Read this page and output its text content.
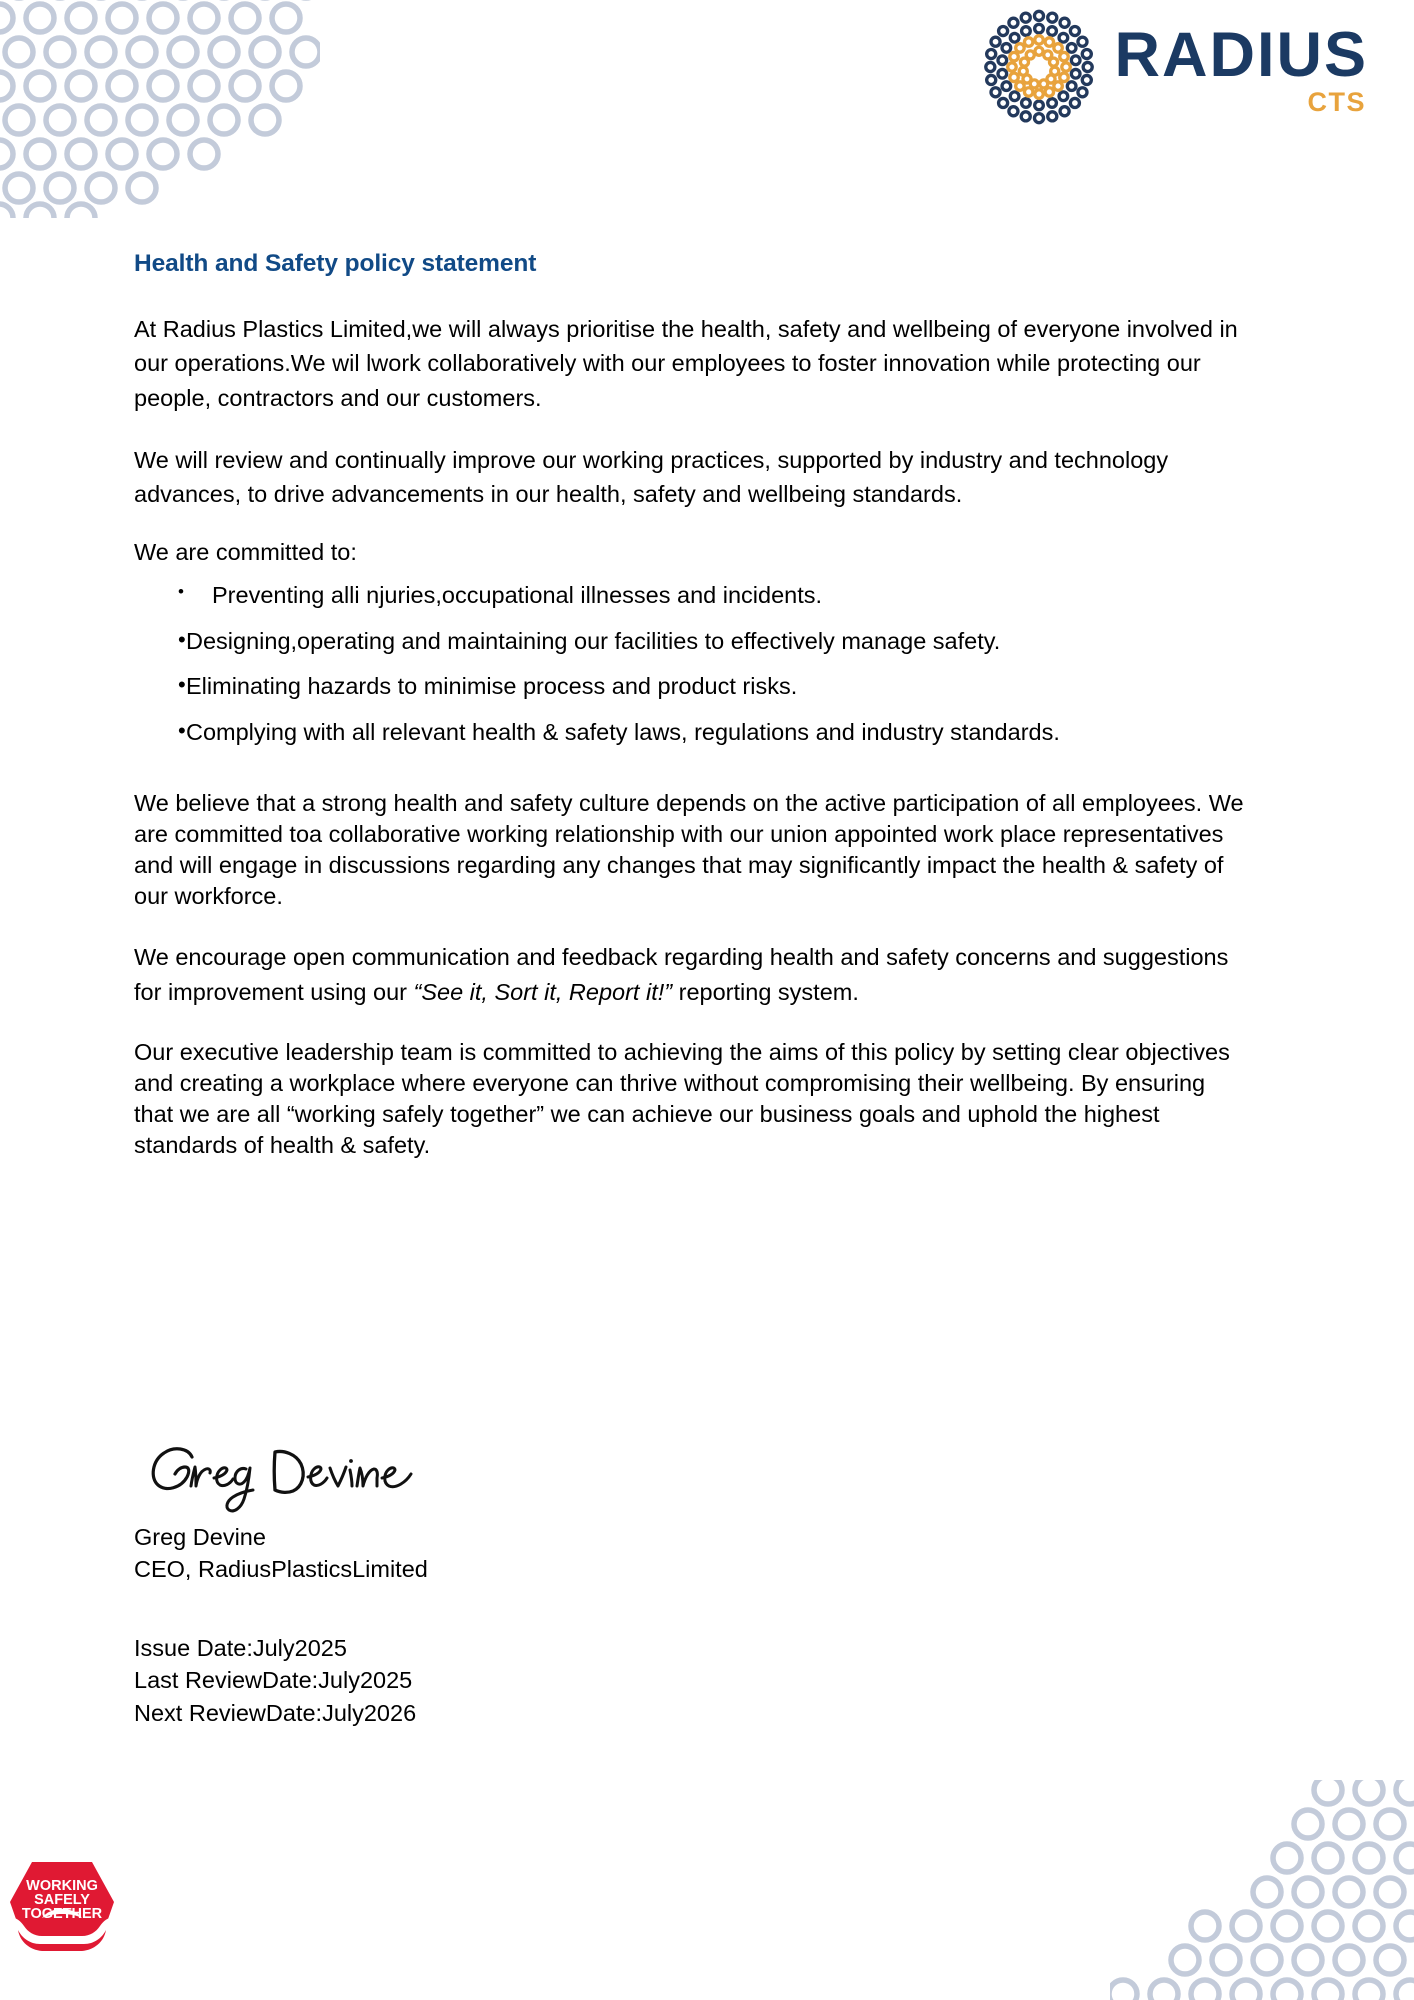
RADIUS
CTS
Health and Safety policy statement

At Radius Plastics Limited,we will always prioritise the health, safety and wellbeing of everyone involved in our operations.We wil lwork collaboratively with our employees to foster innovation while protecting our people, contractors and our customers.

We will review and continually improve our working practices, supported by industry and technology advances, to drive advancements in our health, safety and wellbeing standards.

We are committed to:
• Preventing alli njuries,occupational illnesses and incidents.
• Designing,operating and maintaining our facilities to effectively manage safety.
• Eliminating hazards to minimise process and product risks.
• Complying with all relevant health & safety laws, regulations and industry standards.

We believe that a strong health and safety culture depends on the active participation of all employees. We are committed toa collaborative working relationship with our union appointed work place representatives and will engage in discussions regarding any changes that may significantly impact the health & safety of our workforce.

We encourage open communication and feedback regarding health and safety concerns and suggestions for improvement using our “See it, Sort it, Report it!” reporting system.

Our executive leadership team is committed to achieving the aims of this policy by setting clear objectives and creating a workplace where everyone can thrive without compromising their wellbeing. By ensuring that we are all “working safely together” we can achieve our business goals and uphold the highest standards of health & safety.

Greg Devine
CEO, RadiusPlasticsLimited
Issue Date:July2025
Last ReviewDate:July2025
Next ReviewDate:July2026
WORKING
SAFELY
TOGETHER
